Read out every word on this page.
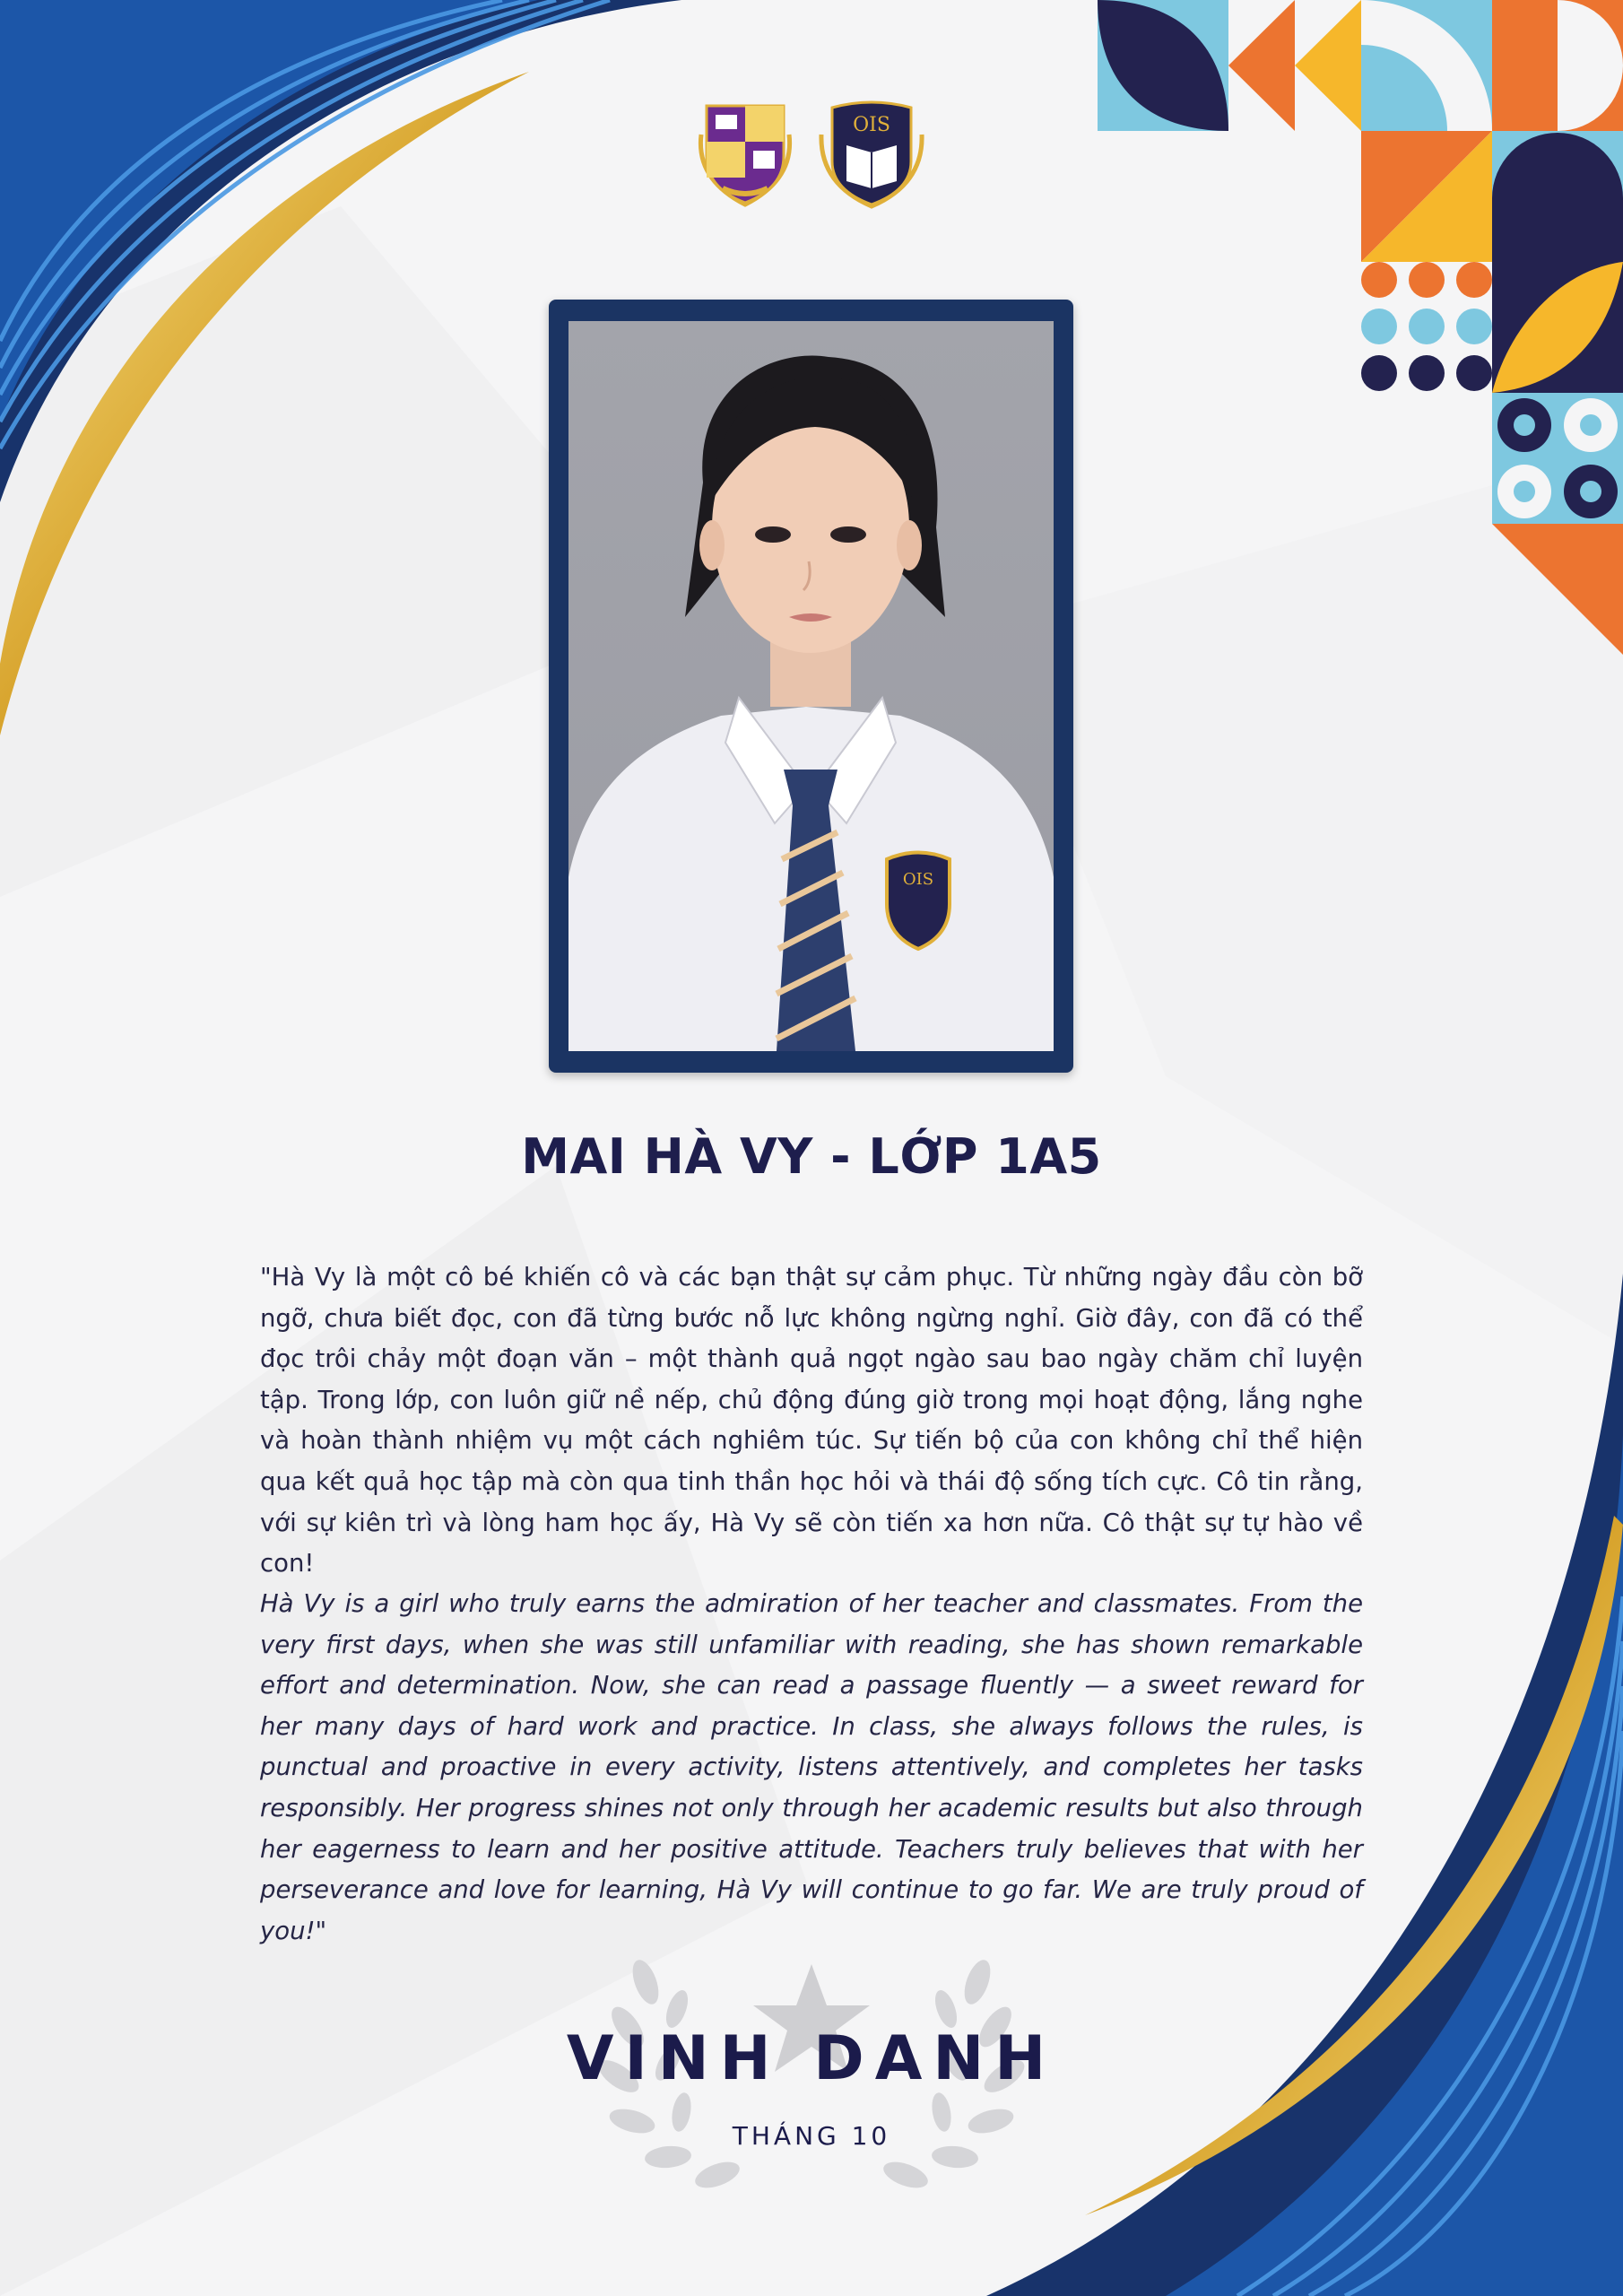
OIS
OIS
MAI HÀ VY - LỚP 1A5

"Hà Vy là một cô bé khiến cô và các bạn thật sự cảm phục. Từ những ngày đầu còn bỡ ngỡ, chưa biết đọc, con đã từng bước nỗ lực không ngừng nghỉ. Giờ đây, con đã có thể đọc trôi chảy một đoạn văn – một thành quả ngọt ngào sau bao ngày chăm chỉ luyện tập. Trong lớp, con luôn giữ nề nếp, chủ động đúng giờ trong mọi hoạt động, lắng nghe và hoàn thành nhiệm vụ một cách nghiêm túc. Sự tiến bộ của con không chỉ thể hiện qua kết quả học tập mà còn qua tinh thần học hỏi và thái độ sống tích cực. Cô tin rằng, với sự kiên trì và lòng ham học ấy, Hà Vy sẽ còn tiến xa hơn nữa. Cô thật sự tự hào về con!

Hà Vy is a girl who truly earns the admiration of her teacher and classmates. From the very first days, when she was still unfamiliar with reading, she has shown remarkable effort and determination. Now, she can read a passage fluently — a sweet reward for her many days of hard work and practice. In class, she always follows the rules, is punctual and proactive in every activity, listens attentively, and completes her tasks responsibly. Her progress shines not only through her academic results but also through her eagerness to learn and her positive attitude. Teachers truly believes that with her perseverance and love for learning, Hà Vy will continue to go far. We are truly proud of you!"

VINH DANH
THÁNG 10
